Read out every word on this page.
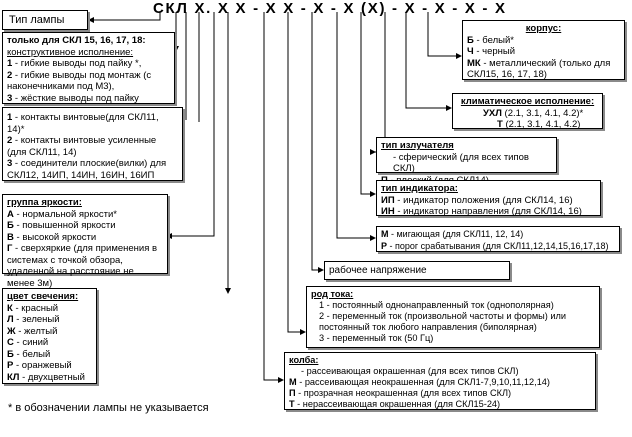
СКЛ Х. Х Х - Х Х - Х - Х (Х) - Х - Х - Х - Х
Тип лампы
только для СКЛ 15, 16, 17, 18:
конструктивное исполнение:
1 - гибкие выводы под пайку *,
2 - гибкие выводы под монтаж (с наконечниками под М3),
3 - жёсткие выводы под пайку
1 - контакты винтовые(для СКЛ11, 14)*
2 - контакты винтовые усиленные (для СКЛ11, 14)
3 - соединители плоские(вилки) для СКЛ12, 14ИП, 14ИН, 16ИН, 16ИП
группа яркости:
А - нормальной яркости*
Б - повышенной яркости
В - высокой яркости
Г - сверхяркие (для применения в системах с точкой обзора, удаленной на расстояние не менее 3м)
цвет свечения:
К - красный
Л - зеленый
Ж - желтый
С - синий
Б - белый
Р - оранжевый
КЛ - двухцветный
* в обозначении лампы не указывается
корпус:
Б - белый*
Ч - черный
МК - металлический (только для СКЛ15, 16, 17, 18)
климатическое исполнение:
УХЛ (2.1, 3.1, 4.1, 4.2)*
Т (2.1, 3.1, 4.1, 4.2)
тип излучателя
- сферический (для всех типов СКЛ)
тип индикатора:
ИП - индикатор положения (для СКЛ14, 16)
ИН - индикатор направления (для СКЛ14, 16)
М - мигающая (для СКЛ11, 12, 14)
Р - порог срабатывания (для СКЛ11,12,14,15,16,17,18)
рабочее напряжение
род тока:
1 - постоянный однонаправленный ток (однополярная)
2 - переменный ток (произвольной частоты и формы) или постоянный ток любого направления (биполярная)
3 - переменный ток (50 Гц)
колба:
- рассеивающая окрашенная (для всех типов СКЛ)
М - рассеивающая неокрашенная (для СКЛ1-7,9,10,11,12,14)
П - прозрачная неокрашенная (для всех типов СКЛ)
Т - нерассеивающая окрашенная (для СКЛ15-24)
